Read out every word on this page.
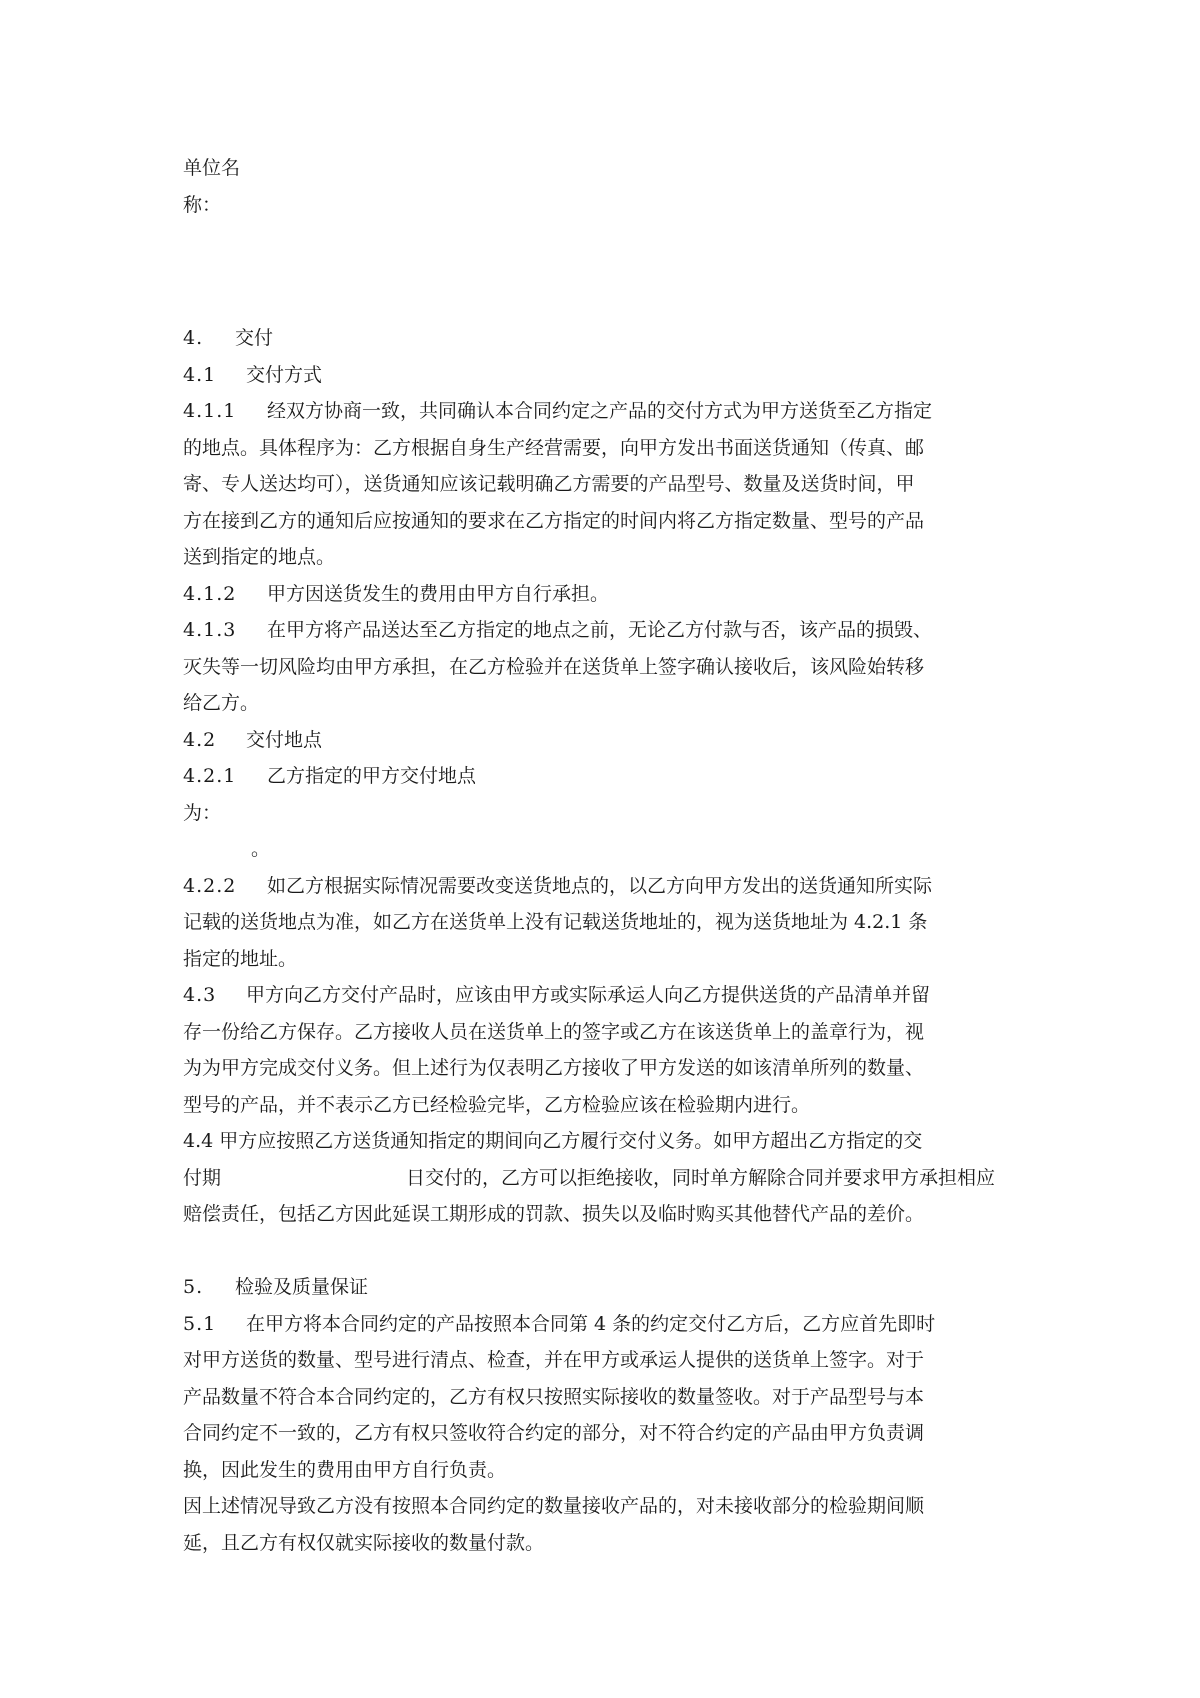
单位名
称：
4. 交付
4.1 交付方式
4.1.1 经双方协商一致，共同确认本合同约定之产品的交付方式为甲方送货至乙方指定
的地点。具体程序为：乙方根据自身生产经营需要，向甲方发出书面送货通知（传真、邮
寄、专人送达均可），送货通知应该记载明确乙方需要的产品型号、数量及送货时间，甲
方在接到乙方的通知后应按通知的要求在乙方指定的时间内将乙方指定数量、型号的产品
送到指定的地点。
4.1.2 甲方因送货发生的费用由甲方自行承担。
4.1.3 在甲方将产品送达至乙方指定的地点之前，无论乙方付款与否，该产品的损毁、
灭失等一切风险均由甲方承担，在乙方检验并在送货单上签字确认接收后，该风险始转移
给乙方。
4.2 交付地点
4.2.1 乙方指定的甲方交付地点
为：
。
4.2.2 如乙方根据实际情况需要改变送货地点的，以乙方向甲方发出的送货通知所实际
记载的送货地点为准，如乙方在送货单上没有记载送货地址的，视为送货地址为 4.2.1 条
指定的地址。
4.3 甲方向乙方交付产品时，应该由甲方或实际承运人向乙方提供送货的产品清单并留
存一份给乙方保存。乙方接收人员在送货单上的签字或乙方在该送货单上的盖章行为，视
为为甲方完成交付义务。但上述行为仅表明乙方接收了甲方发送的如该清单所列的数量、
型号的产品，并不表示乙方已经检验完毕，乙方检验应该在检验期内进行。
4.4 甲方应按照乙方送货通知指定的期间向乙方履行交付义务。如甲方超出乙方指定的交
付期	日交付的，乙方可以拒绝接收，同时单方解除合同并要求甲方承担相应
赔偿责任，包括乙方因此延误工期形成的罚款、损失以及临时购买其他替代产品的差价。
5. 检验及质量保证
5.1 在甲方将本合同约定的产品按照本合同第 4 条的约定交付乙方后，乙方应首先即时
对甲方送货的数量、型号进行清点、检查，并在甲方或承运人提供的送货单上签字。对于
产品数量不符合本合同约定的，乙方有权只按照实际接收的数量签收。对于产品型号与本
合同约定不一致的，乙方有权只签收符合约定的部分，对不符合约定的产品由甲方负责调
换，因此发生的费用由甲方自行负责。
因上述情况导致乙方没有按照本合同约定的数量接收产品的，对未接收部分的检验期间顺
延，且乙方有权仅就实际接收的数量付款。
